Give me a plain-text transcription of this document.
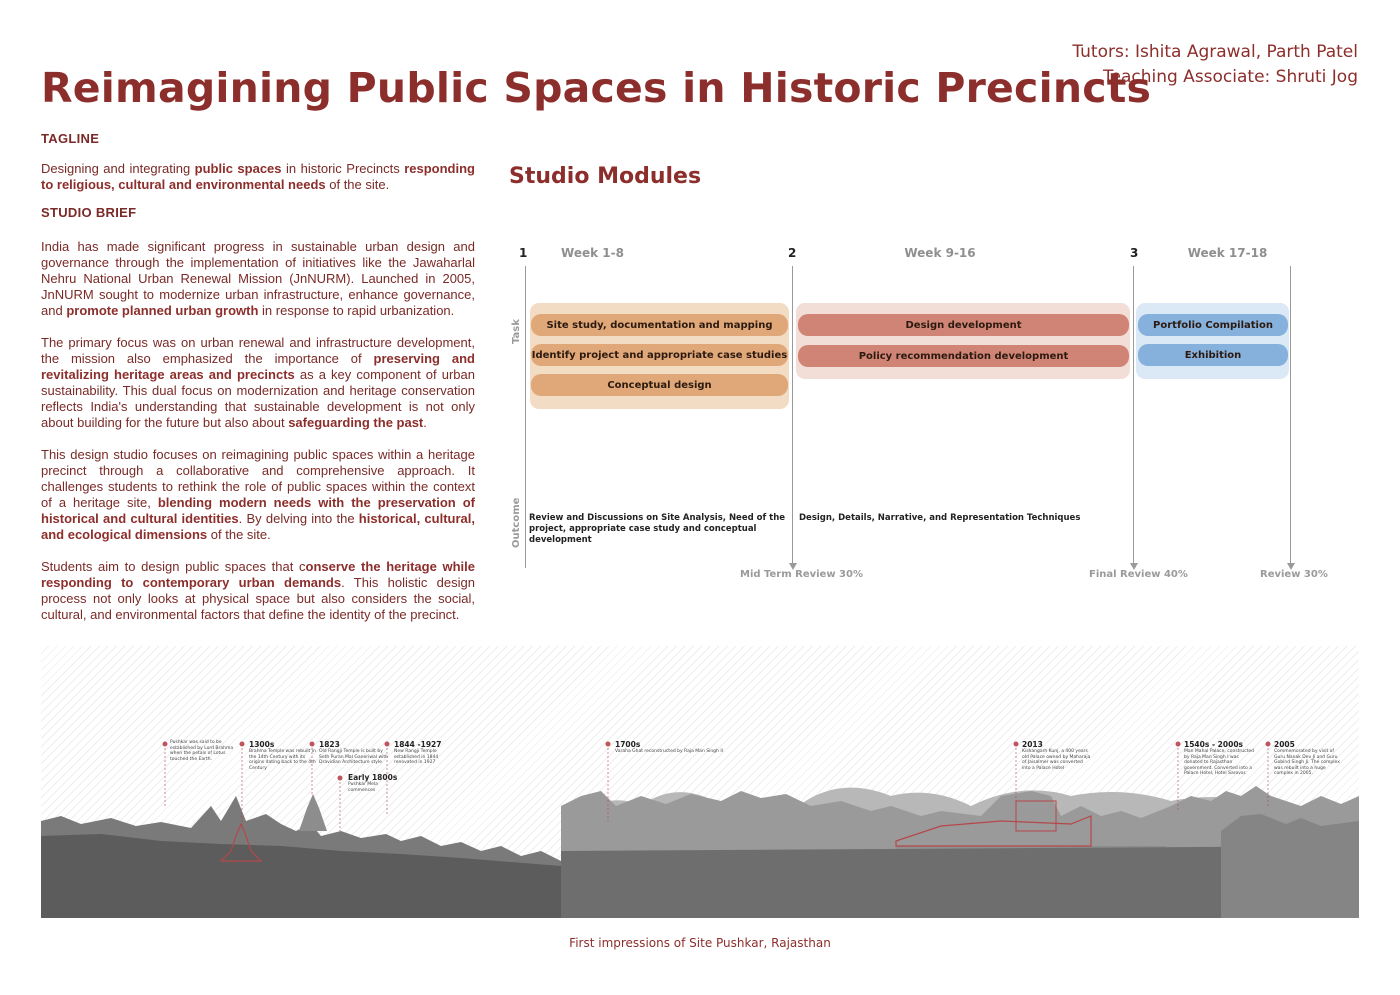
Reimagining Public Spaces in Historic Precincts
Tutors: Ishita Agrawal, Parth Patel
Teaching Associate: Shruti Jog
TAGLINE

Designing and integrating public spaces in historic Precincts responding to religious, cultural and environmental needs of the site.

STUDIO BRIEF

India has made significant progress in sustainable urban design and governance through the implementation of initiatives like the Jawaharlal Nehru National Urban Renewal Mission (JnNURM). Launched in 2005, JnNURM sought to modernize urban infrastructure, enhance governance, and promote planned urban growth in response to rapid urbanization.

The primary focus was on urban renewal and infrastructure development, the mission also emphasized the importance of preserving and revitalizing heritage areas and precincts as a key component of urban sustainability. This dual focus on modernization and heritage conservation reflects India's understanding that sustainable development is not only about building for the future but also about safeguarding the past.

This design studio focuses on reimagining public spaces within a heritage precinct through a collaborative and comprehensive approach. It challenges students to rethink the role of public spaces within the context of a heritage site, blending modern needs with the preservation of historical and cultural identities. By delving into the historical, cultural, and ecological dimensions of the site.

Students aim to design public spaces that conserve the heritage while responding to contemporary urban demands. This holistic design process not only looks at physical space but also considers the social, cultural, and environmental factors that define the identity of the precinct.

Studio Modules
1	Week 1-8	2	Week 9-16	3	Week 17-18
Task
Outcome
Site study, documentation and mapping
Identify project and appropriate case studies
Conceptual design
Design development
Policy recommendation development
Portfolio Compilation
Exhibition
Review and Discussions on Site Analysis, Need of the project, appropriate case study and conceptual development
Design, Details, Narrative, and Representation Techniques
Mid Term Review 30%	Final Review 40%	Review 30%
Pushkar was said to be established by Lord Brahma when the petals of Lotus touched the Earth.
1300s
Brahma Temple was rebuilt in the 14th Century with its origins dating back to the 4th Century
1823
Old Rangji Temple is built by Seth Puran Mal Ganeriwal with Dravidian Architecture style
Early 1800s
Pushkar Mela commences
1844 -1927
New Rangji Temple established in 1844 renovated in 1927
1700s
Varaha Ghat reconstructed by Raja Man Singh II
2013
Kishangarh Kunj, a 400 years old Palace owned by Maharaja of Jaisalmer was converted into a Palace Hotel
1540s - 2000s
Man Mahal Palace, constructed by Raja Man Singh I was donated to Rajasthan government. Converted into a Palace Hotel, Hotel Sarovar.
2005
Commemorated by visit of Guru Nanak Dev Ji and Guru Gobind Singh Ji. The complex was rebuilt into a huge complex in 2005.
First impressions of Site Pushkar, Rajasthan
